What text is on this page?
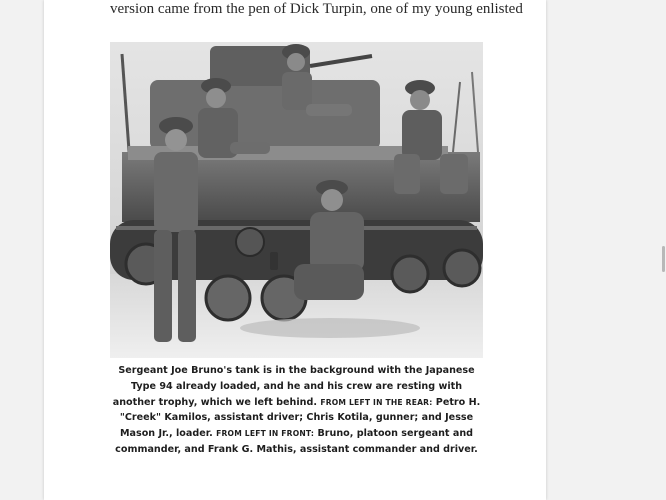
version came from the pen of Dick Turpin, one of my young enlisted

Sergeant Joe Bruno's tank is in the background with the Japanese Type 94 already loaded, and he and his crew are resting with another trophy, which we left behind. FROM LEFT IN THE REAR: Petro H. "Creek" Kamilos, assistant driver; Chris Kotila, gunner; and Jesse Mason Jr., loader. FROM LEFT IN FRONT: Bruno, platoon sergeant and commander, and Frank G. Mathis, assistant commander and driver.
